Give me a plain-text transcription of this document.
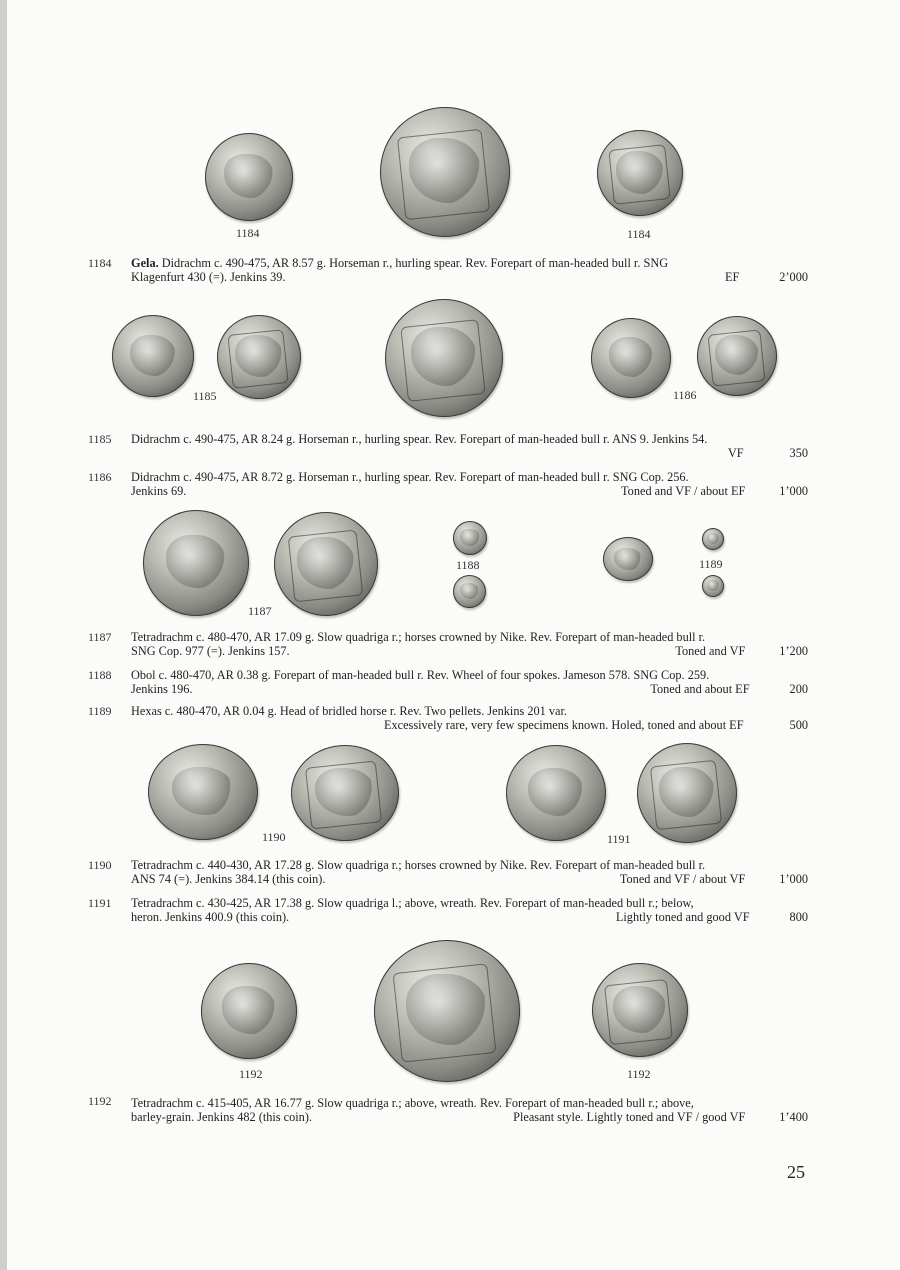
1184	1184
1184 Gela. Didrachm c. 490-475, AR 8.57 g. Horseman r., hurling spear. Rev. Forepart of man-headed bull r. SNG
Klagenfurt 430 (=). Jenkins 39.	EF	2’000
1185	1186
1185 Didrachm c. 490-475, AR 8.24 g. Horseman r., hurling spear. Rev. Forepart of man-headed bull r. ANS 9. Jenkins 54.
VF	350
1186 Didrachm c. 490-475, AR 8.72 g. Horseman r., hurling spear. Rev. Forepart of man-headed bull r. SNG Cop. 256.
Jenkins 69.	Toned and VF / about EF	1’000
1187
1188	1189
1187 Tetradrachm c. 480-470, AR 17.09 g. Slow quadriga r.; horses crowned by Nike. Rev. Forepart of man-headed bull r.
SNG Cop. 977 (=). Jenkins 157.	Toned and VF	1’200
1188 Obol c. 480-470, AR 0.38 g. Forepart of man-headed bull r. Rev. Wheel of four spokes. Jameson 578. SNG Cop. 259.
Jenkins 196.	Toned and about EF	200
1189 Hexas c. 480-470, AR 0.04 g. Head of bridled horse r. Rev. Two pellets. Jenkins 201 var.
Excessively rare, very few specimens known. Holed, toned and about EF	500
1190	1191
1190 Tetradrachm c. 440-430, AR 17.28 g. Slow quadriga r.; horses crowned by Nike. Rev. Forepart of man-headed bull r.
ANS 74 (=). Jenkins 384.14 (this coin).	Toned and VF / about VF	1’000
1191 Tetradrachm c. 430-425, AR 17.38 g. Slow quadriga l.; above, wreath. Rev. Forepart of man-headed bull r.; below,
heron. Jenkins 400.9 (this coin).	Lightly toned and good VF	800
1192	1192
1192 Tetradrachm c. 415-405, AR 16.77 g. Slow quadriga r.; above, wreath. Rev. Forepart of man-headed bull r.; above,
barley-grain. Jenkins 482 (this coin).	Pleasant style. Lightly toned and VF / good VF	1’400
25
